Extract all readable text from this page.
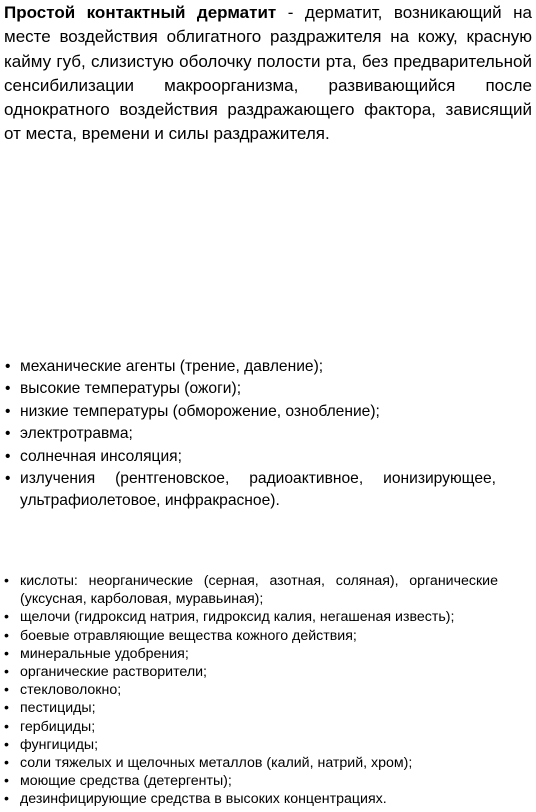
Простой контактный дерматит - дерматит, возникающий на месте воздействия облигатного раздражителя на кожу, красную кайму губ, слизистую оболочку полости рта, без предварительной сенсибилизации макроорганизма, развивающийся после однократного воздействия раздражающего фактора, зависящий от места, времени и силы раздражителя.
• механические агенты (трение, давление);
• высокие температуры (ожоги);
• низкие температуры (обморожение, ознобление);
• электротравма;
• солнечная инсоляция;
• излучения (рентгеновское, радиоактивное, ионизирующее, ультрафиолетовое, инфракрасное).
• кислоты: неорганические (серная, азотная, соляная), органические (уксусная, карболовая, муравьиная);
• щелочи (гидроксид натрия, гидроксид калия, негашеная известь);
• боевые отравляющие вещества кожного действия;
• минеральные удобрения;
• органические растворители;
• стекловолокно;
• пестициды;
• гербициды;
• фунгициды;
• соли тяжелых и щелочных металлов (калий, натрий, хром);
• моющие средства (детергенты);
• дезинфицирующие средства в высоких концентрациях.
